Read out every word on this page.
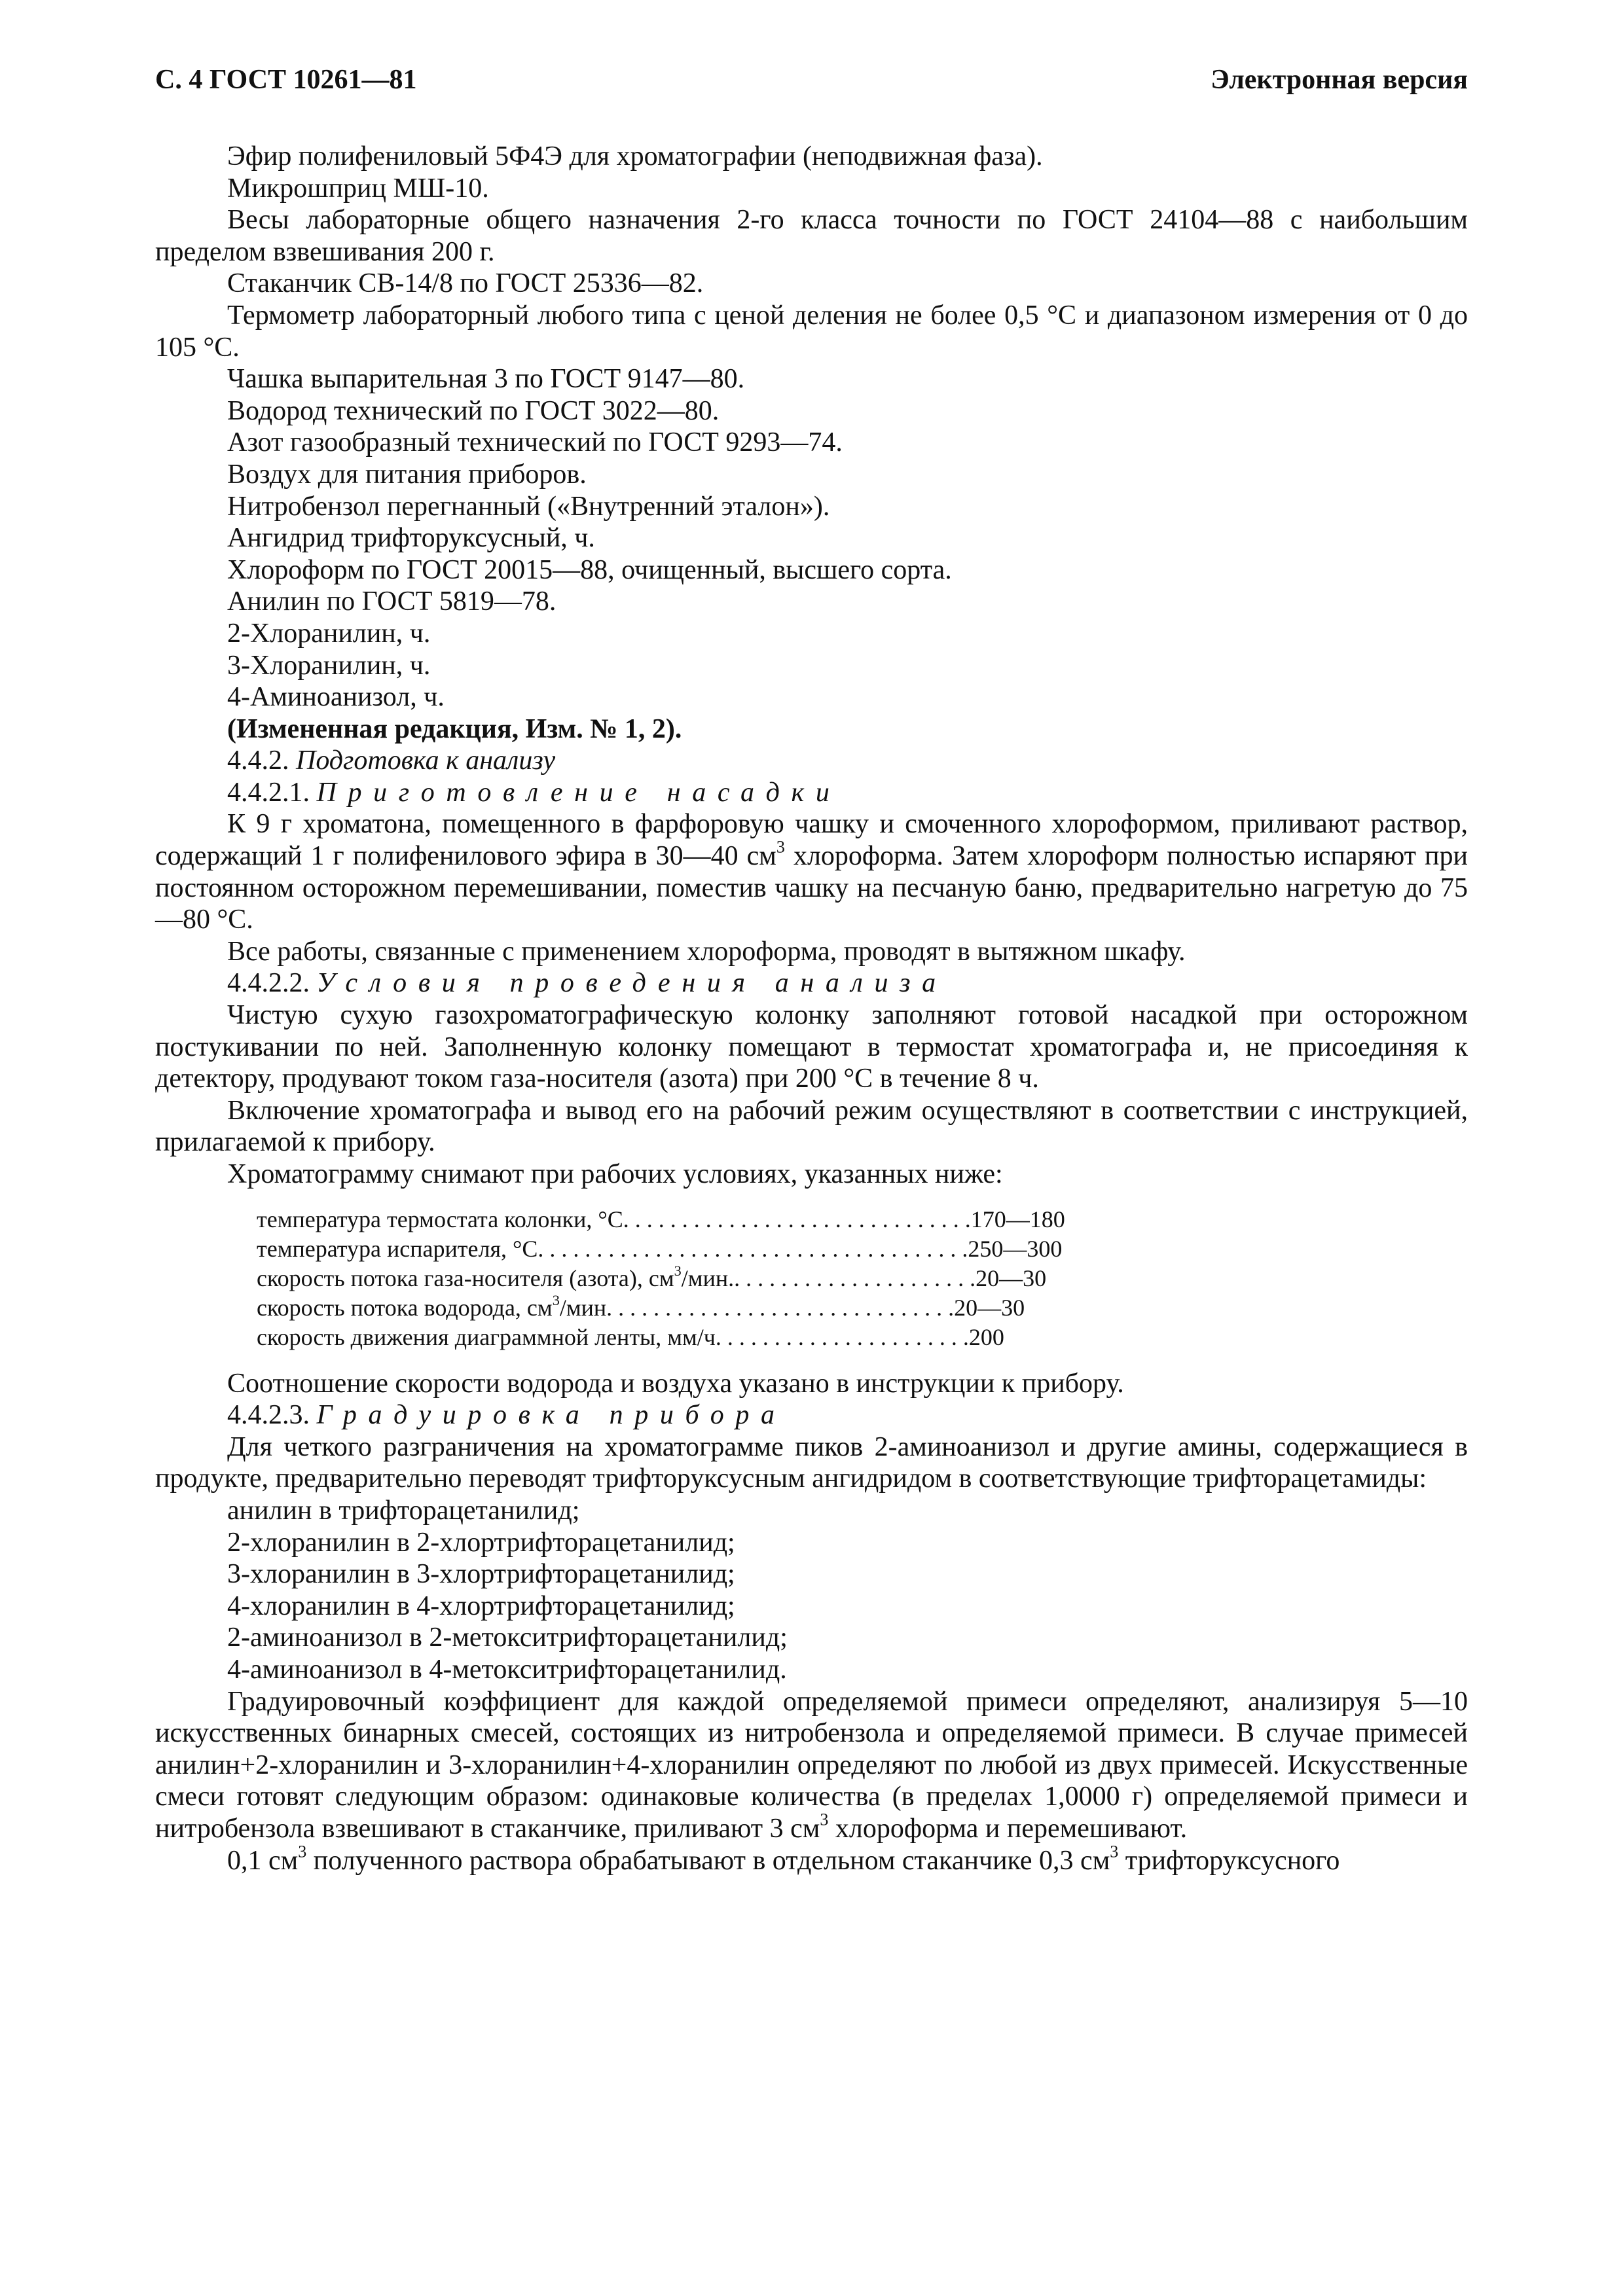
С. 4 ГОСТ 10261—81	Электронная версия

Эфир полифениловый 5Ф4Э для хроматографии (неподвижная фаза).

Микрошприц МШ-10.

Весы лабораторные общего назначения 2-го класса точности по ГОСТ 24104—88 с наибольшим пределом взвешивания 200 г.

Стаканчик СВ-14/8 по ГОСТ 25336—82.

Термометр лабораторный любого типа с ценой деления не более 0,5 °С и диапазоном измерения от 0 до 105 °С.

Чашка выпарительная 3 по ГОСТ 9147—80.

Водород технический по ГОСТ 3022—80.

Азот газообразный технический по ГОСТ 9293—74.

Воздух для питания приборов.

Нитробензол перегнанный («Внутренний эталон»).

Ангидрид трифторуксусный, ч.

Хлороформ по ГОСТ 20015—88, очищенный, высшего сорта.

Анилин по ГОСТ 5819—78.

2-Хлоранилин, ч.

3-Хлоранилин, ч.

4-Аминоанизол, ч.

(Измененная редакция, Изм. № 1, 2).

4.4.2. Подготовка к анализу

4.4.2.1. Приготовление насадки

К 9 г хроматона, помещенного в фарфоровую чашку и смоченного хлороформом, приливают раствор, содержащий 1 г полифенилового эфира в 30—40 $см^3$ хлороформа. Затем хлороформ полностью испаряют при постоянном осторожном перемешивании, поместив чашку на песчаную баню, предварительно нагретую до 75—80 °С.

Все работы, связанные с применением хлороформа, проводят в вытяжном шкафу.

4.4.2.2. Условия проведения анализа

Чистую сухую газохроматографическую колонку заполняют готовой насадкой при осторожном постукивании по ней. Заполненную колонку помещают в термостат хроматографа и, не присоединяя к детектору, продувают током газа-носителя (азота) при 200 °С в течение 8 ч.

Включение хроматографа и вывод его на рабочий режим осуществляют в соответствии с инструкцией, прилагаемой к прибору.

Хроматограмму снимают при рабочих условиях, указанных ниже:

температура термостата колонки, °С . . . . . . . . . . . . . . . . . . . . . . . . . . . . . . 170—180
температура испарителя, °С . . . . . . . . . . . . . . . . . . . . . . . . . . . . . . . . . . . . . 250—300
скорость потока газа-носителя (азота), $см^3$/мин. . . . . . . . . . . . . . . . . . . . . . 20—30
скорость потока водорода, $см^3$/мин . . . . . . . . . . . . . . . . . . . . . . . . . . . . . . 20—30
скорость движения диаграммной ленты, мм/ч . . . . . . . . . . . . . . . . . . . . . . 200

Соотношение скорости водорода и воздуха указано в инструкции к прибору.

4.4.2.3. Градуировка прибора

Для четкого разграничения на хроматограмме пиков 2-аминоанизол и другие амины, содержащиеся в продукте, предварительно переводят трифторуксусным ангидридом в соответствующие трифторацетамиды:

анилин в трифторацетанилид;

2-хлоранилин в 2-хлортрифторацетанилид;

3-хлоранилин в 3-хлортрифторацетанилид;

4-хлоранилин в 4-хлортрифторацетанилид;

2-аминоанизол в 2-метокситрифторацетанилид;

4-аминоанизол в 4-метокситрифторацетанилид.

Градуировочный коэффициент для каждой определяемой примеси определяют, анализируя 5—10 искусственных бинарных смесей, состоящих из нитробензола и определяемой примеси. В случае примесей анилин+2-хлоранилин и 3-хлоранилин+4-хлоранилин определяют по любой из двух примесей. Искусственные смеси готовят следующим образом: одинаковые количества (в пределах 1,0000 г) определяемой примеси и нитробензола взвешивают в стаканчике, приливают 3 $см^3$ хлороформа и перемешивают.

0,1 $см^3$ полученного раствора обрабатывают в отдельном стаканчике 0,3 $см^3$ трифторуксусного
